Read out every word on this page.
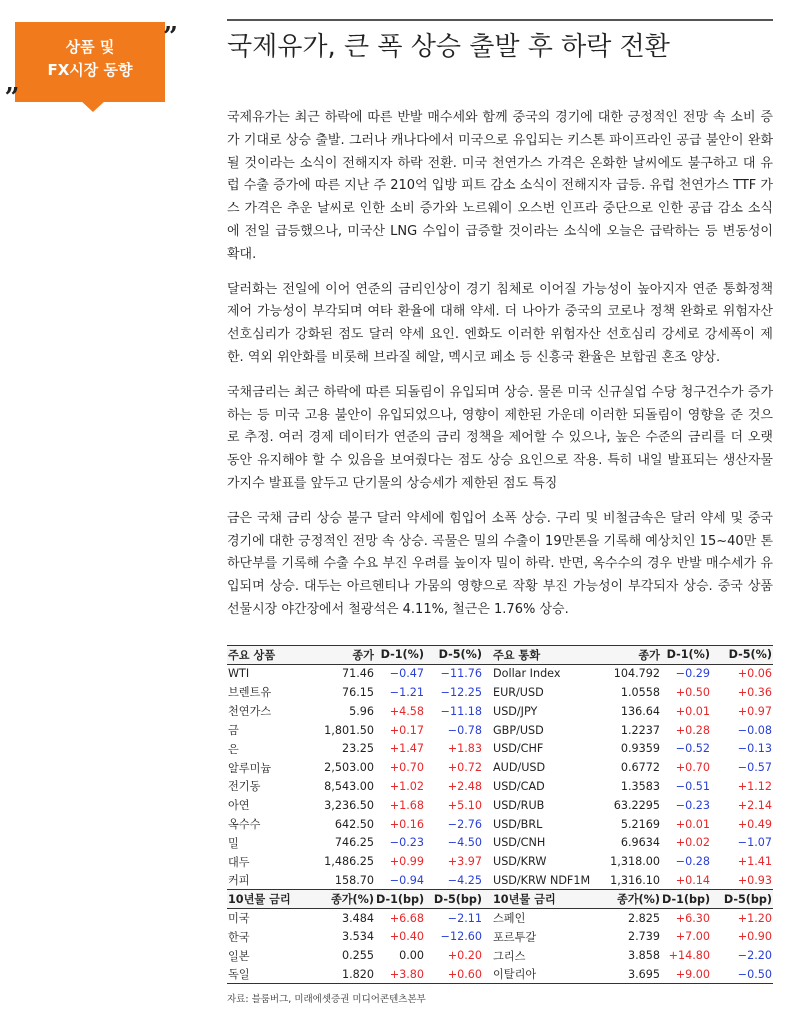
상품 및
FX시장 동향
„
” 국제유가, 큰 폭 상승 출발 후 하락 전환

국제유가는 최근 하락에 따른 반발 매수세와 함께 중국의 경기에 대한 긍정적인 전망 속 소비 증가 기대로 상승 출발. 그러나 캐나다에서 미국으로 유입되는 키스톤 파이프라인 공급 불안이 완화될 것이라는 소식이 전해지자 하락 전환. 미국 천연가스 가격은 온화한 날씨에도 불구하고 대 유럽 수출 증가에 따른 지난 주 210억 입방 피트 감소 소식이 전해지자 급등. 유럽 천연가스 TTF 가스 가격은 추운 날씨로 인한 소비 증가와 노르웨이 오스번 인프라 중단으로 인한 공급 감소 소식에 전일 급등했으나, 미국산 LNG 수입이 급증할 것이라는 소식에 오늘은 급락하는 등 변동성이 확대.

달러화는 전일에 이어 연준의 금리인상이 경기 침체로 이어질 가능성이 높아지자 연준 통화정책 제어 가능성이 부각되며 여타 환율에 대해 약세. 더 나아가 중국의 코로나 정책 완화로 위험자산 선호심리가 강화된 점도 달러 약세 요인. 엔화도 이러한 위험자산 선호심리 강세로 강세폭이 제한. 역외 위안화를 비롯해 브라질 헤알, 멕시코 페소 등 신흥국 환율은 보합권 혼조 양상.

국채금리는 최근 하락에 따른 되돌림이 유입되며 상승. 물론 미국 신규실업 수당 청구건수가 증가하는 등 미국 고용 불안이 유입되었으나, 영향이 제한된 가운데 이러한 되돌림이 영향을 준 것으로 추정. 여러 경제 데이터가 연준의 금리 정책을 제어할 수 있으나, 높은 수준의 금리를 더 오랫동안 유지해야 할 수 있음을 보여줬다는 점도 상승 요인으로 작용. 특히 내일 발표되는 생산자물가지수 발표를 앞두고 단기물의 상승세가 제한된 점도 특징

금은 국채 금리 상승 불구 달러 약세에 힘입어 소폭 상승. 구리 및 비철금속은 달러 약세 및 중국 경기에 대한 긍정적인 전망 속 상승. 곡물은 밀의 수출이 19만톤을 기록해 예상치인 15~40만 톤 하단부를 기록해 수출 수요 부진 우려를 높이자 밀이 하락. 반면, 옥수수의 경우 반발 매수세가 유입되며 상승. 대두는 아르헨티나 가뭄의 영향으로 작황 부진 가능성이 부각되자 상승. 중국 상품선물시장 야간장에서 철광석은 4.11%, 철근은 1.76% 상승.

주요 상품	종가	D-1(%)	D-5(%)	주요 통화	종가	D-1(%)	D-5(%)
WTI	71.46	−0.47	−11.76	Dollar Index	104.792	−0.29	+0.06
브렌트유	76.15	−1.21	−12.25	EUR/USD	1.0558	+0.50	+0.36
천연가스	5.96	+4.58	−11.18	USD/JPY	136.64	+0.01	+0.97
금	1,801.50	+0.17	−0.78	GBP/USD	1.2237	+0.28	−0.08
은	23.25	+1.47	+1.83	USD/CHF	0.9359	−0.52	−0.13
알루미늄	2,503.00	+0.70	+0.72	AUD/USD	0.6772	+0.70	−0.57
전기동	8,543.00	+1.02	+2.48	USD/CAD	1.3583	−0.51	+1.12
아연	3,236.50	+1.68	+5.10	USD/RUB	63.2295	−0.23	+2.14
옥수수	642.50	+0.16	−2.76	USD/BRL	5.2169	+0.01	+0.49
밀	746.25	−0.23	−4.50	USD/CNH	6.9634	+0.02	−1.07
대두	1,486.25	+0.99	+3.97	USD/KRW	1,318.00	−0.28	+1.41
커피	158.70	−0.94	−4.25	USD/KRW NDF1M	1,316.10	+0.14	+0.93
10년물 금리	종가(%)	D-1(bp)	D-5(bp)	10년물 금리	종가(%)	D-1(bp)	D-5(bp)
미국	3.484	+6.68	−2.11	스페인	2.825	+6.30	+1.20
한국	3.534	+0.40	−12.60	포르투갈	2.739	+7.00	+0.90
일본	0.255	0.00	+0.20	그리스	3.858	+14.80	−2.20
독일	1.820	+3.80	+0.60	이탈리아	3.695	+9.00	−0.50
자료: 블룸버그, 미래에셋증권 미디어콘텐츠본부
